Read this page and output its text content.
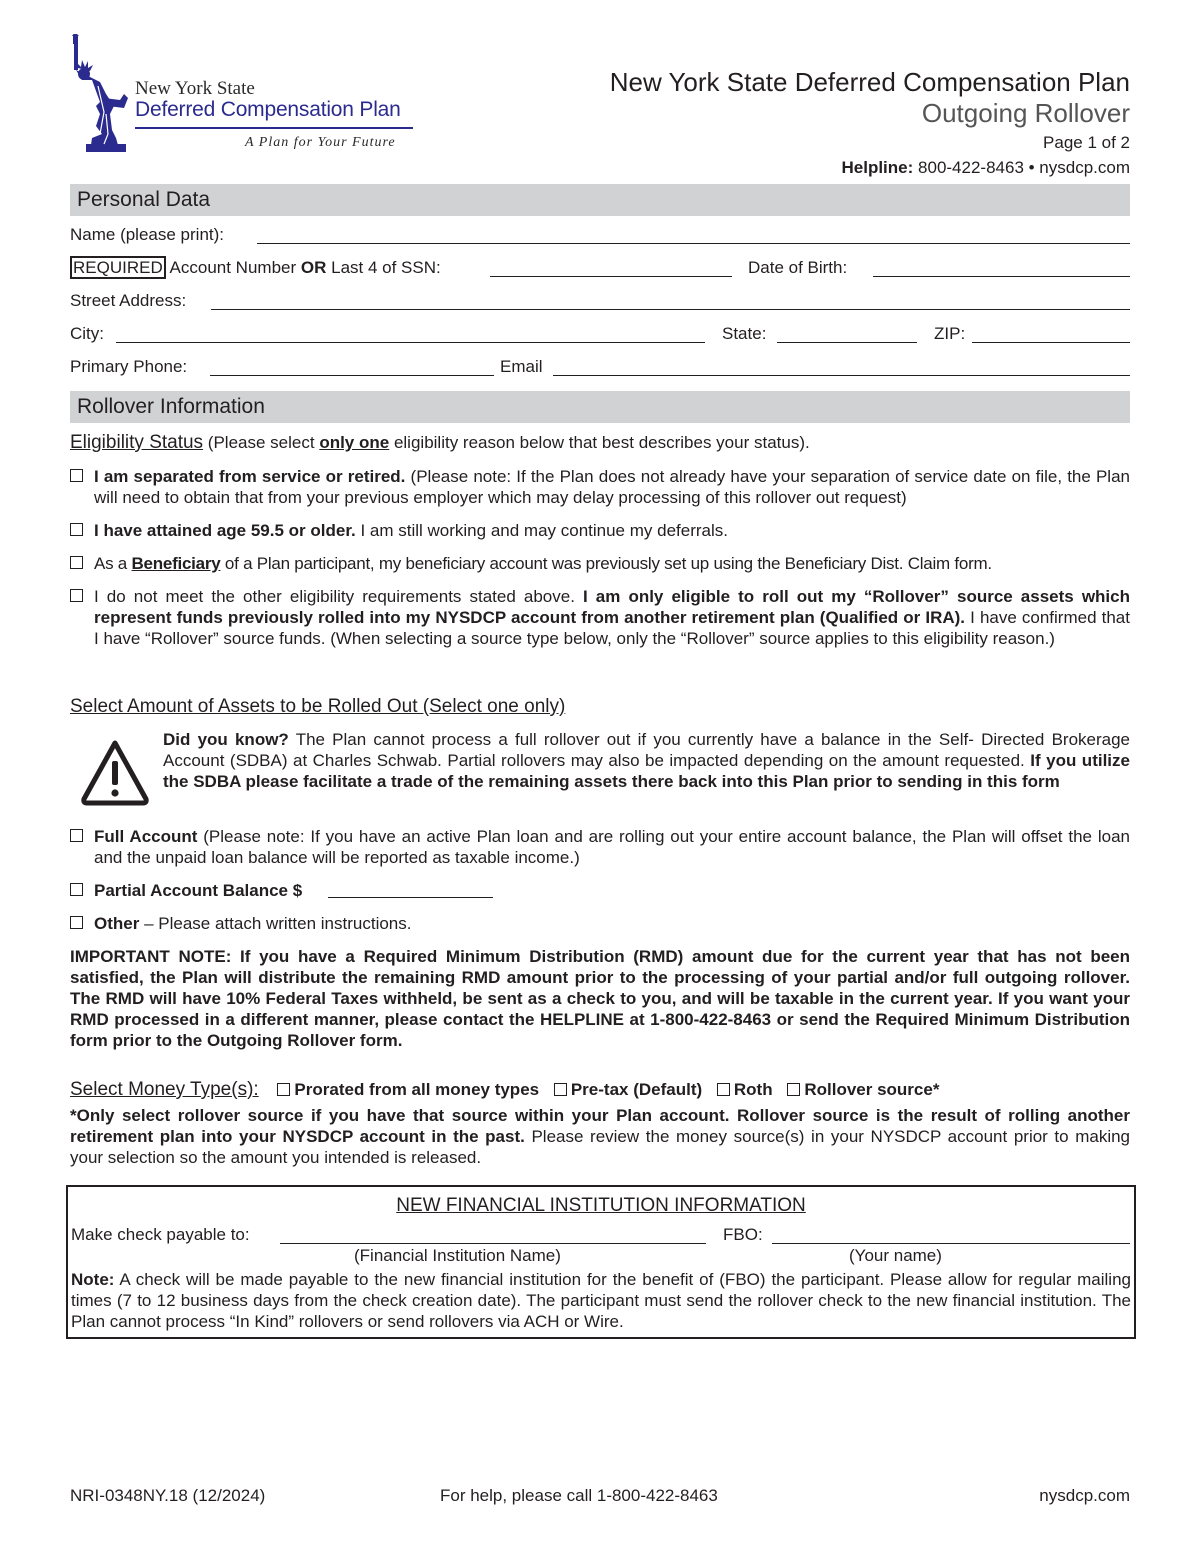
New York State
Deferred Compensation Plan
A Plan for Your Future
New York State Deferred Compensation Plan
Outgoing Rollover
Page 1 of 2
Helpline: 800-422-8463 • nysdcp.com
Personal Data
Name (please print):
REQUIRED Account Number OR Last 4 of SSN:	Date of Birth:
Street Address:
City:	State:	ZIP:
Primary Phone:	Email
Rollover Information
Eligibility Status (Please select only one eligibility reason below that best describes your status).
I am separated from service or retired. (Please note: If the Plan does not already have your separation of service date on file, the Plan will need to obtain that from your previous employer which may delay processing of this rollover out request)
I have attained age 59.5 or older. I am still working and may continue my deferrals.
As a Beneficiary of a Plan participant, my beneficiary account was previously set up using the Beneficiary Dist. Claim form.
I do not meet the other eligibility requirements stated above. I am only eligible to roll out my “Rollover” source assets which represent funds previously rolled into my NYSDCP account from another retirement plan (Qualified or IRA). I have confirmed that I have “Rollover” source funds. (When selecting a source type below, only the “Rollover” source applies to this eligibility reason.)
Select Amount of Assets to be Rolled Out (Select one only)
Did you know? The Plan cannot process a full rollover out if you currently have a balance in the Self- Directed Brokerage Account (SDBA) at Charles Schwab. Partial rollovers may also be impacted depending on the amount requested. If you utilize the SDBA please facilitate a trade of the remaining assets there back into this Plan prior to sending in this form
Full Account (Please note: If you have an active Plan loan and are rolling out your entire account balance, the Plan will offset the loan and the unpaid loan balance will be reported as taxable income.)
Partial Account Balance $
Other – Please attach written instructions.
IMPORTANT NOTE: If you have a Required Minimum Distribution (RMD) amount due for the current year that has not been satisfied, the Plan will distribute the remaining RMD amount prior to the processing of your partial and/or full outgoing rollover. The RMD will have 10% Federal Taxes withheld, be sent as a check to you, and will be taxable in the current year. If you want your RMD processed in a different manner, please contact the HELPLINE at 1-800-422-8463 or send the Required Minimum Distribution form prior to the Outgoing Rollover form.
Select Money Type(s): Prorated from all money types Pre-tax (Default) Roth Rollover source*
*Only select rollover source if you have that source within your Plan account. Rollover source is the result of rolling another retirement plan into your NYSDCP account in the past. Please review the money source(s) in your NYSDCP account prior to making your selection so the amount you intended is released.
NEW FINANCIAL INSTITUTION INFORMATION
Make check payable to:	FBO:
(Financial Institution Name)	(Your name)
Note: A check will be made payable to the new financial institution for the benefit of (FBO) the participant. Please allow for regular mailing times (7 to 12 business days from the check creation date). The participant must send the rollover check to the new financial institution. The Plan cannot process “In Kind” rollovers or send rollovers via ACH or Wire.
NRI-0348NY.18 (12/2024)	For help, please call 1-800-422-8463	nysdcp.com
